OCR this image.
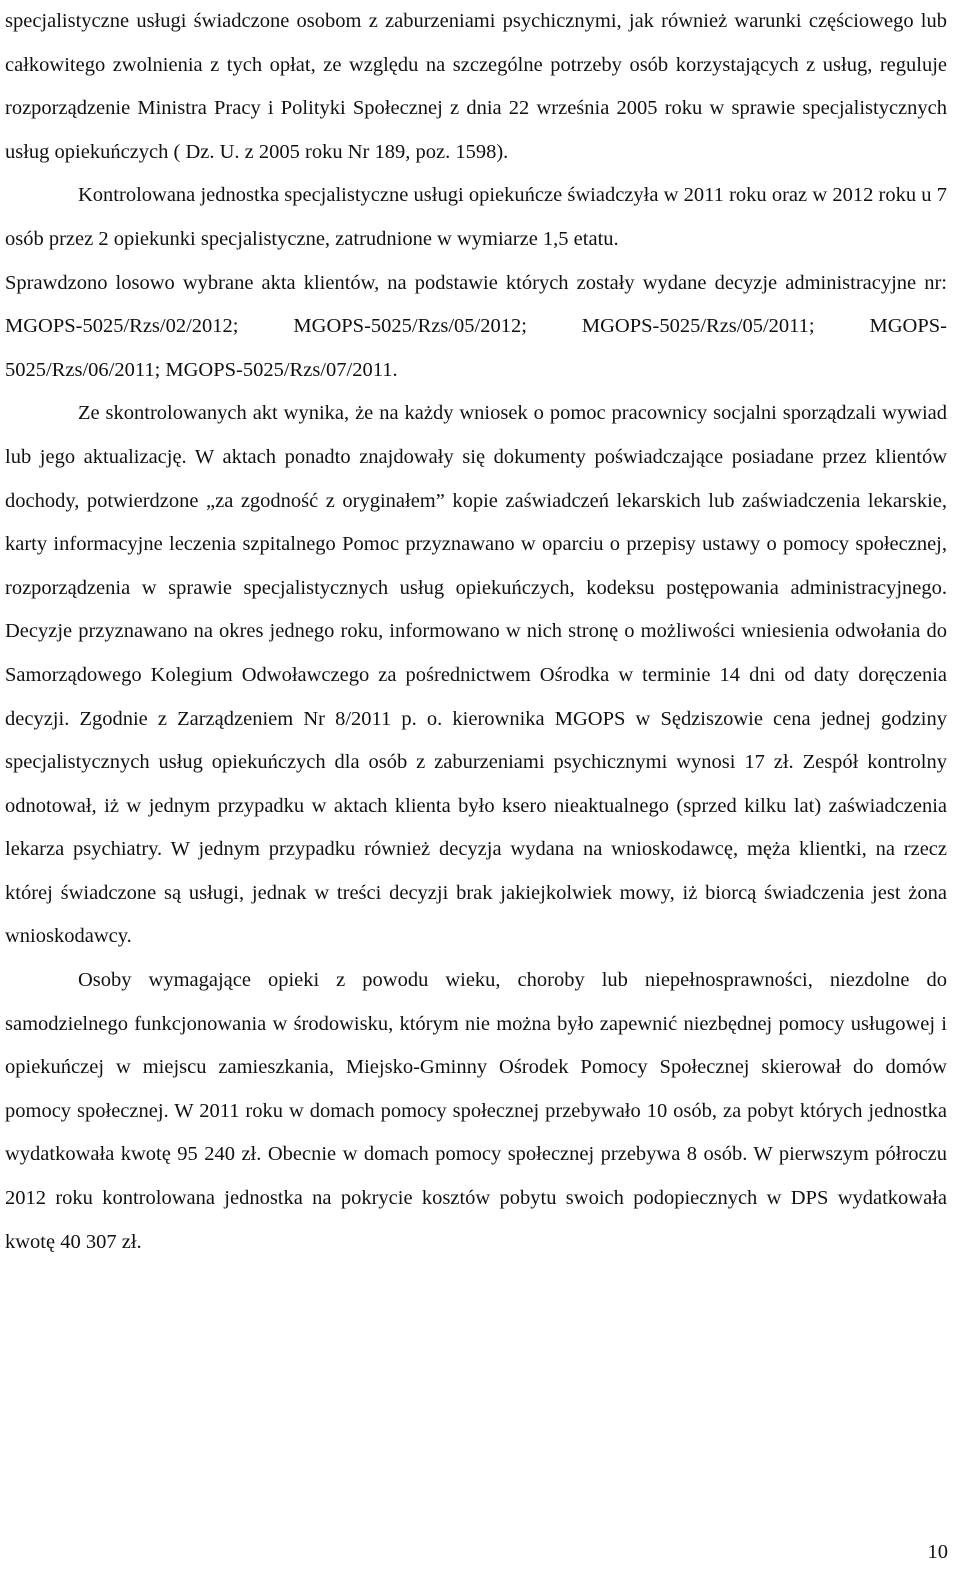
specjalistyczne usługi świadczone osobom z zaburzeniami psychicznymi, jak również warunki częściowego lub całkowitego zwolnienia z tych opłat, ze względu na szczególne potrzeby osób korzystających z usług, reguluje rozporządzenie Ministra Pracy i Polityki Społecznej z dnia 22 września 2005 roku w sprawie specjalistycznych usług opiekuńczych ( Dz. U. z 2005 roku Nr 189, poz. 1598).

Kontrolowana jednostka specjalistyczne usługi opiekuńcze świadczyła w 2011 roku oraz w 2012 roku u 7 osób przez 2 opiekunki specjalistyczne, zatrudnione w wymiarze 1,5 etatu.

Sprawdzono losowo wybrane akta klientów, na podstawie których zostały wydane decyzje administracyjne nr: MGOPS-5025/Rzs/02/2012; MGOPS-5025/Rzs/05/2012; MGOPS-5025/Rzs/05/2011; MGOPS-5025/Rzs/06/2011; MGOPS-5025/Rzs/07/2011.

Ze skontrolowanych akt wynika, że na każdy wniosek o pomoc pracownicy socjalni sporządzali wywiad lub jego aktualizację. W aktach ponadto znajdowały się dokumenty poświadczające posiadane przez klientów dochody, potwierdzone „za zgodność z oryginałem” kopie zaświadczeń lekarskich lub zaświadczenia lekarskie, karty informacyjne leczenia szpitalnego Pomoc przyznawano w oparciu o przepisy ustawy o pomocy społecznej, rozporządzenia w sprawie specjalistycznych usług opiekuńczych, kodeksu postępowania administracyjnego. Decyzje przyznawano na okres jednego roku, informowano w nich stronę o możliwości wniesienia odwołania do Samorządowego Kolegium Odwoławczego za pośrednictwem Ośrodka w terminie 14 dni od daty doręczenia decyzji. Zgodnie z Zarządzeniem Nr 8/2011 p. o. kierownika MGOPS w Sędziszowie cena jednej godziny specjalistycznych usług opiekuńczych dla osób z zaburzeniami psychicznymi wynosi 17 zł. Zespół kontrolny odnotował, iż w jednym przypadku w aktach klienta było ksero nieaktualnego (sprzed kilku lat) zaświadczenia lekarza psychiatry. W jednym przypadku również decyzja wydana na wnioskodawcę, męża klientki, na rzecz której świadczone są usługi, jednak w treści decyzji brak jakiejkolwiek mowy, iż biorcą świadczenia jest żona wnioskodawcy.

Osoby wymagające opieki z powodu wieku, choroby lub niepełnosprawności, niezdolne do samodzielnego funkcjonowania w środowisku, którym nie można było zapewnić niezbędnej pomocy usługowej i opiekuńczej w miejscu zamieszkania, Miejsko-Gminny Ośrodek Pomocy Społecznej skierował do domów pomocy społecznej. W 2011 roku w domach pomocy społecznej przebywało 10 osób, za pobyt których jednostka wydatkowała kwotę 95 240 zł. Obecnie w domach pomocy społecznej przebywa 8 osób. W pierwszym półroczu 2012 roku kontrolowana jednostka na pokrycie kosztów pobytu swoich podopiecznych w DPS wydatkowała kwotę 40 307 zł.

10
